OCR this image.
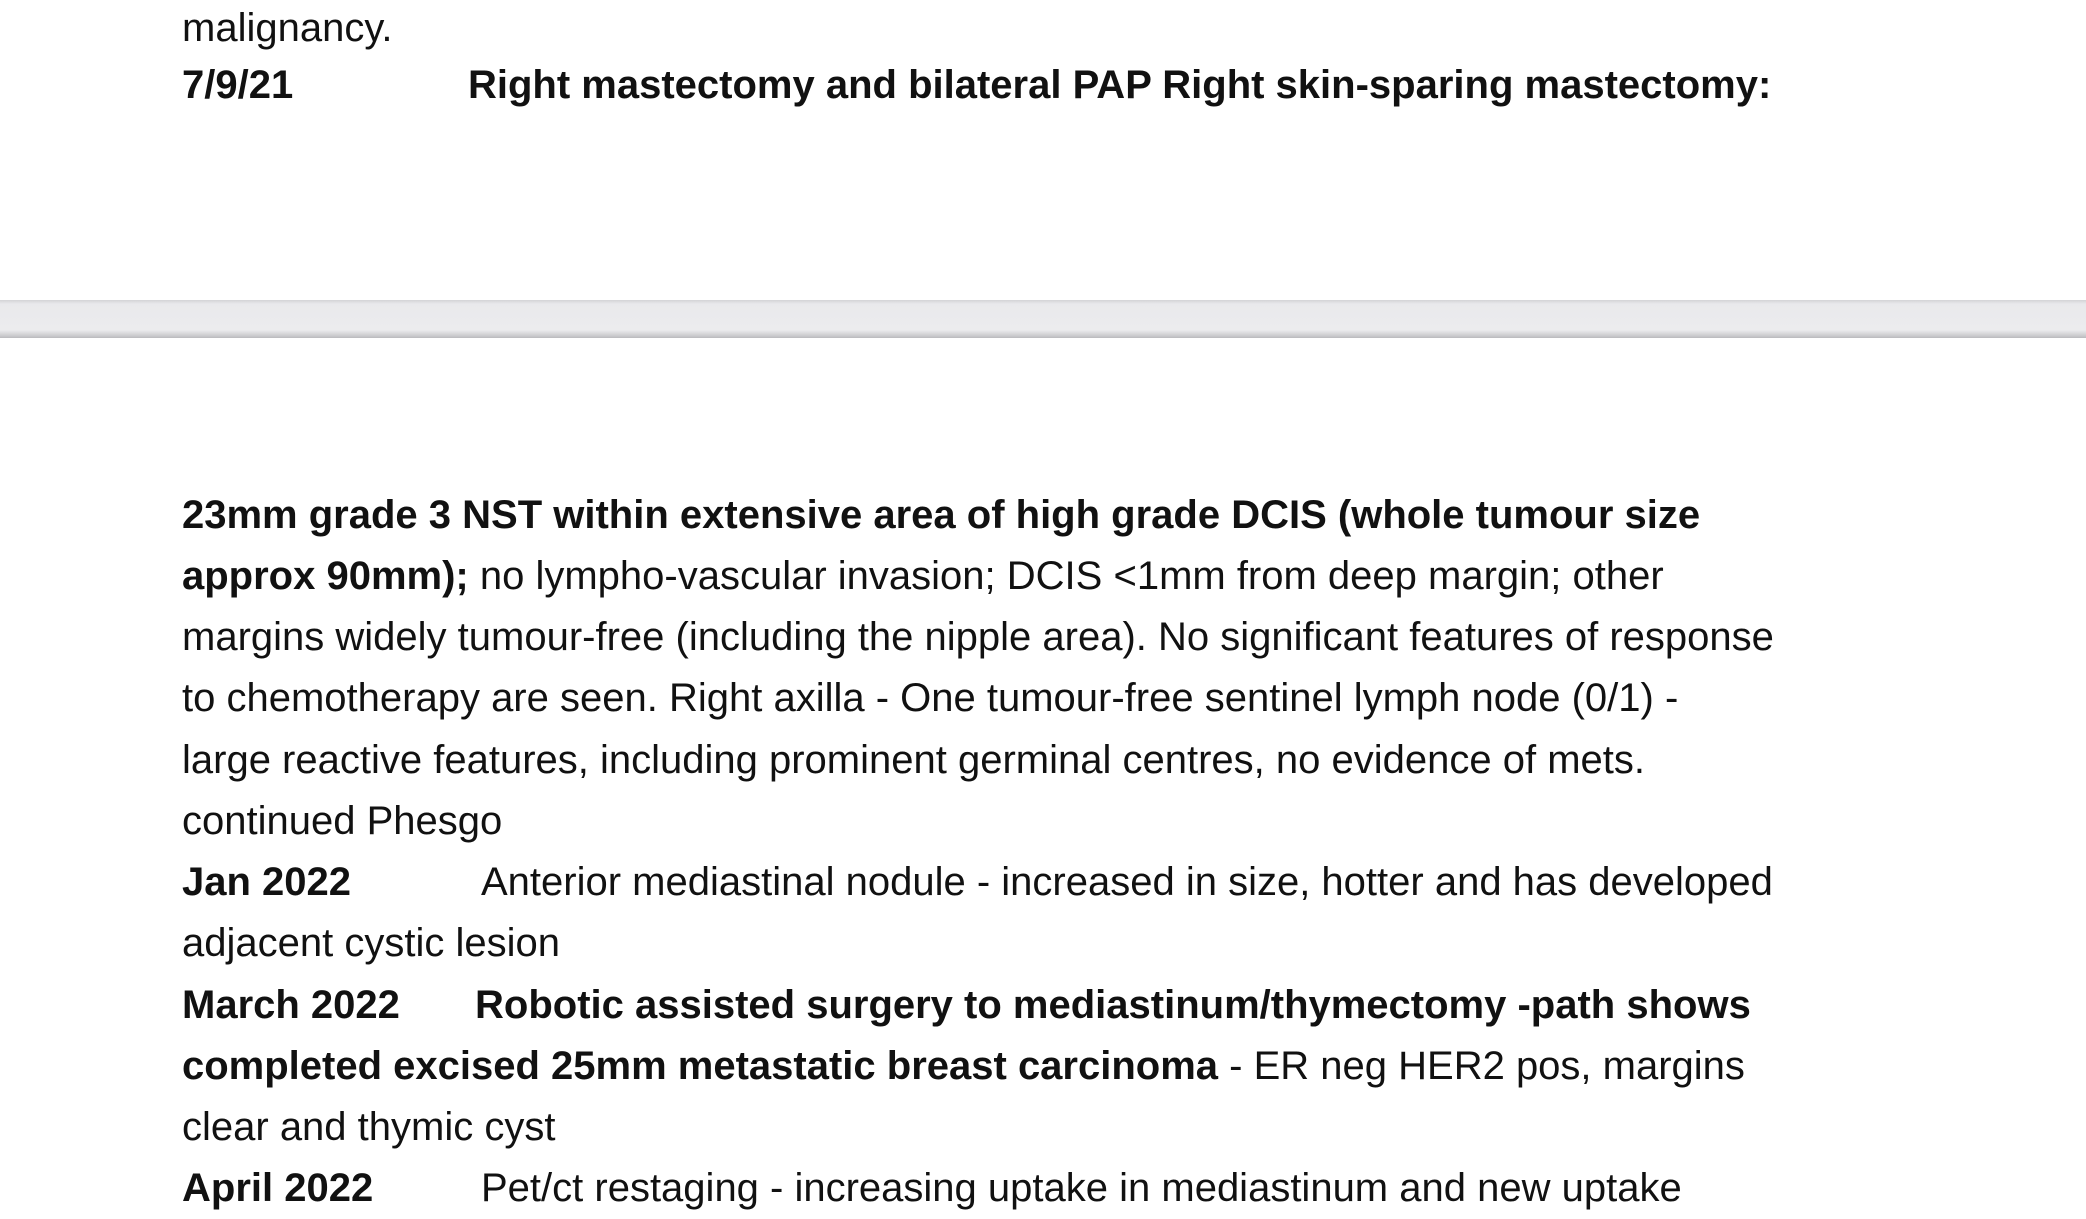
malignancy.
7/9/21	Right mastectomy and bilateral PAP Right skin-sparing mastectomy:
23mm grade 3 NST within extensive area of high grade DCIS (whole tumour size
approx 90mm); no lympho-vascular invasion; DCIS <1mm from deep margin; other
margins widely tumour-free (including the nipple area). No significant features of response
to chemotherapy are seen. Right axilla - One tumour-free sentinel lymph node (0/1) -
large reactive features, including prominent germinal centres, no evidence of mets.
continued Phesgo
Jan 2022	Anterior mediastinal nodule - increased in size, hotter and has developed
adjacent cystic lesion
March 2022 Robotic assisted surgery to mediastinum/thymectomy -path shows
completed excised 25mm metastatic breast carcinoma - ER neg HER2 pos, margins
clear and thymic cyst
April 2022	Pet/ct restaging - increasing uptake in mediastinum and new uptake
